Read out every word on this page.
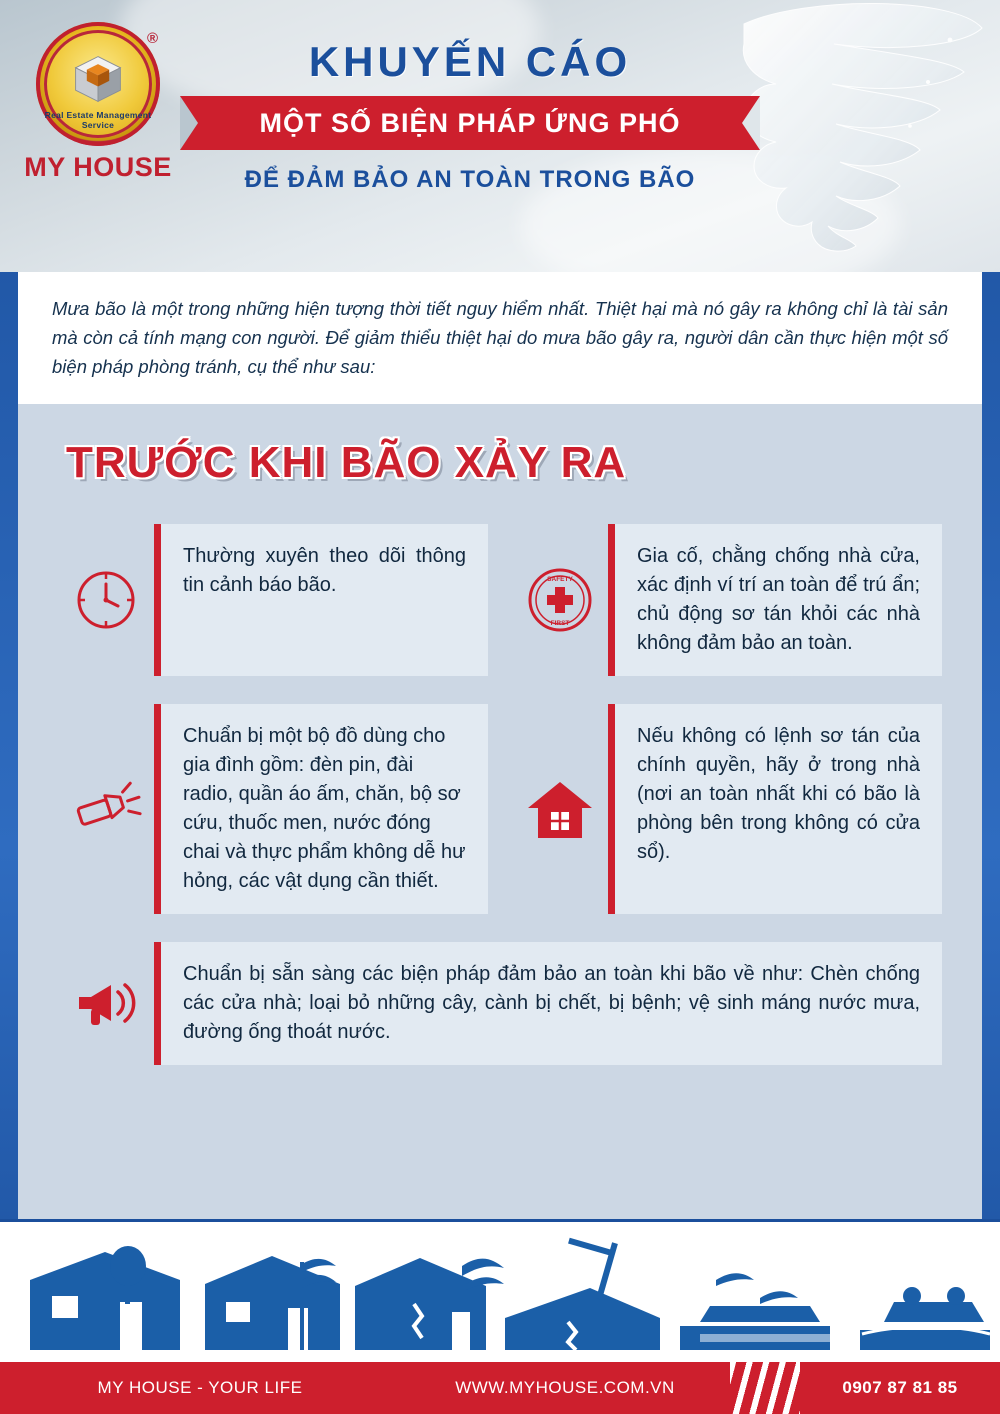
®
Real Estate Management Service
MY HOUSE
KHUYẾN CÁO
MỘT SỐ BIỆN PHÁP ỨNG PHÓ
ĐỂ ĐẢM BẢO AN TOÀN TRONG BÃO
Mưa bão là một trong những hiện tượng thời tiết nguy hiểm nhất. Thiệt hại mà nó gây ra không chỉ là tài sản mà còn cả tính mạng con người. Để giảm thiểu thiệt hại do mưa bão gây ra, người dân cần thực hiện một số biện pháp phòng tránh, cụ thể như sau:
TRƯỚC KHI BÃO XẢY RA
Thường xuyên theo dõi thông tin cảnh báo bão.	SAFETY
FIRST
Gia cố, chằng chống nhà cửa, xác định ví trí an toàn để trú ẩn; chủ động sơ tán khỏi các nhà không đảm bảo an toàn.
Chuẩn bị một bộ đồ dùng cho gia đình gồm: đèn pin, đài radio, quần áo ấm, chăn, bộ sơ cứu, thuốc men, nước đóng chai và thực phẩm không dễ hư hỏng, các vật dụng cần thiết.
Nếu không có lệnh sơ tán của chính quyền, hãy ở trong nhà (nơi an toàn nhất khi có bão là phòng bên trong không có cửa sổ).
Chuẩn bị sẵn sàng các biện pháp đảm bảo an toàn khi bão về như: Chèn chống các cửa nhà; loại bỏ những cây, cành bị chết, bị bệnh; vệ sinh máng nước mưa, đường ống thoát nước.
MY HOUSE - YOUR LIFE	WWW.MYHOUSE.COM.VN	0907 87 81 85
